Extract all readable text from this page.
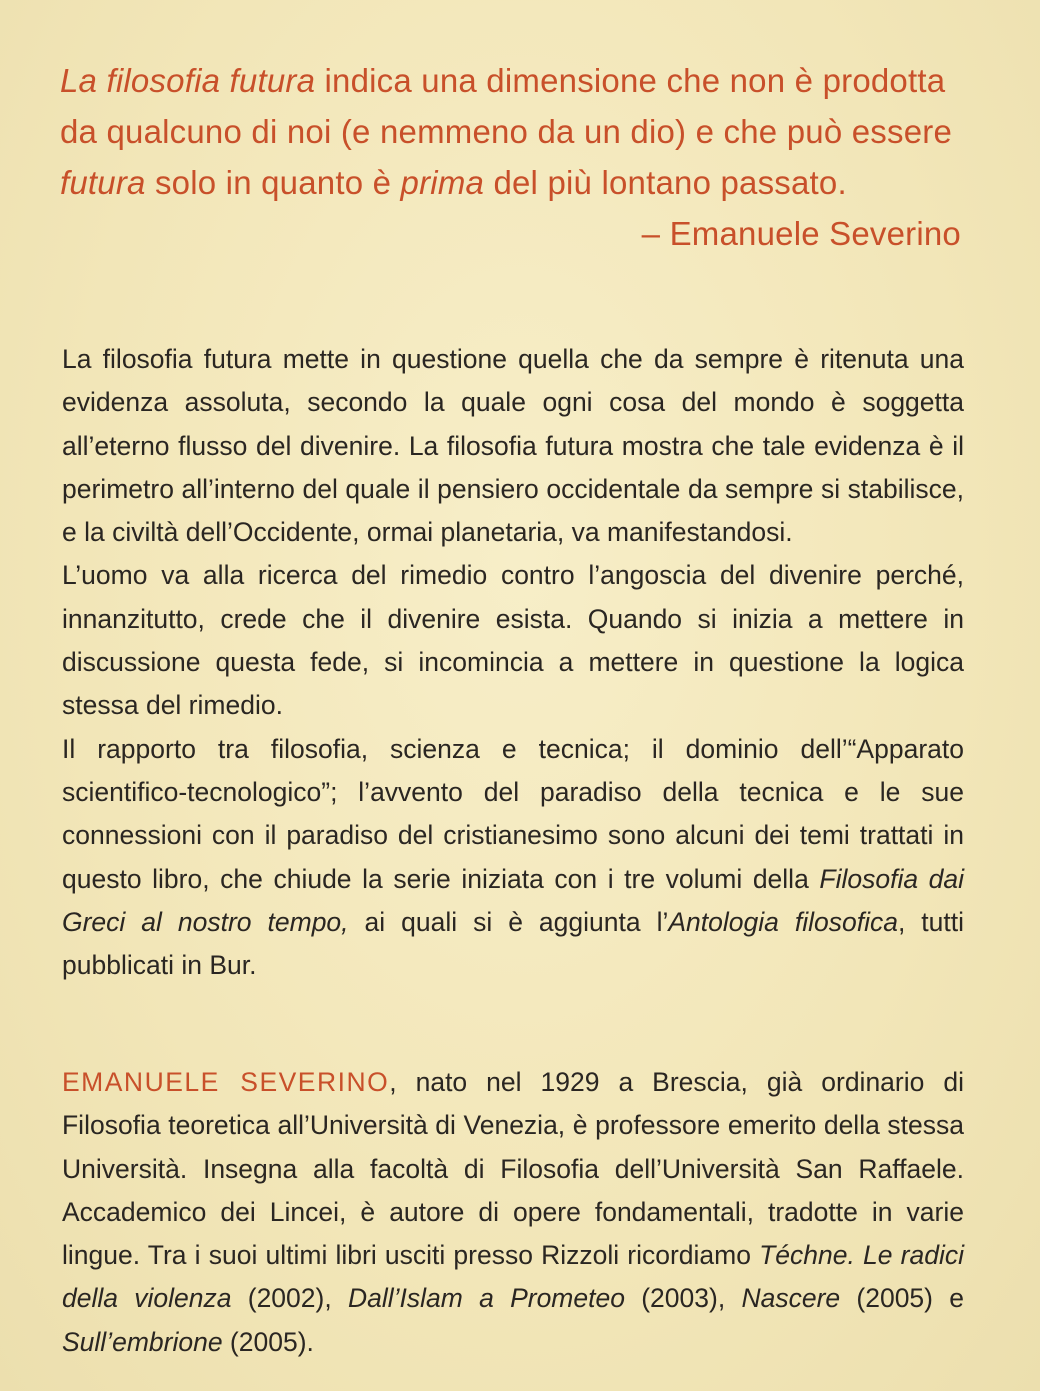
La filosofia futura indica una dimensione che non è prodotta da qualcuno di noi (e nemmeno da un dio) e che può essere futura solo in quanto è prima del più lontano passato.

– Emanuele Severino

La filosofia futura mette in questione quella che da sempre è ritenuta una evidenza assoluta, secondo la quale ogni cosa del mondo è soggetta all’eterno flusso del divenire. La filosofia futura mostra che tale evidenza è il perimetro all’interno del quale il pensiero occidentale da sempre si stabilisce, e la civiltà dell’Occidente, ormai planetaria, va manifestandosi.

L’uomo va alla ricerca del rimedio contro l’angoscia del divenire perché, innanzitutto, crede che il divenire esista. Quando si inizia a mettere in discussione questa fede, si incomincia a mettere in questione la logica stessa del rimedio.

Il rapporto tra filosofia, scienza e tecnica; il dominio dell’“Apparato scientifico-tecnologico”; l’avvento del paradiso della tecnica e le sue connessioni con il paradiso del cristianesimo sono alcuni dei temi trattati in questo libro, che chiude la serie iniziata con i tre volumi della Filosofia dai Greci al nostro tempo, ai quali si è aggiunta l’Antologia filosofica, tutti pubblicati in Bur.

EMANUELE SEVERINO, nato nel 1929 a Brescia, già ordinario di Filosofia teoretica all’Università di Venezia, è professore emerito della stessa Università. Insegna alla facoltà di Filosofia dell’Università San Raffaele. Accademico dei Lincei, è autore di opere fondamentali, tradotte in varie lingue. Tra i suoi ultimi libri usciti presso Rizzoli ricordiamo Téchne. Le radici della violenza (2002), Dall’Islam a Prometeo (2003), Nascere (2005) e Sull’embrione (2005).
